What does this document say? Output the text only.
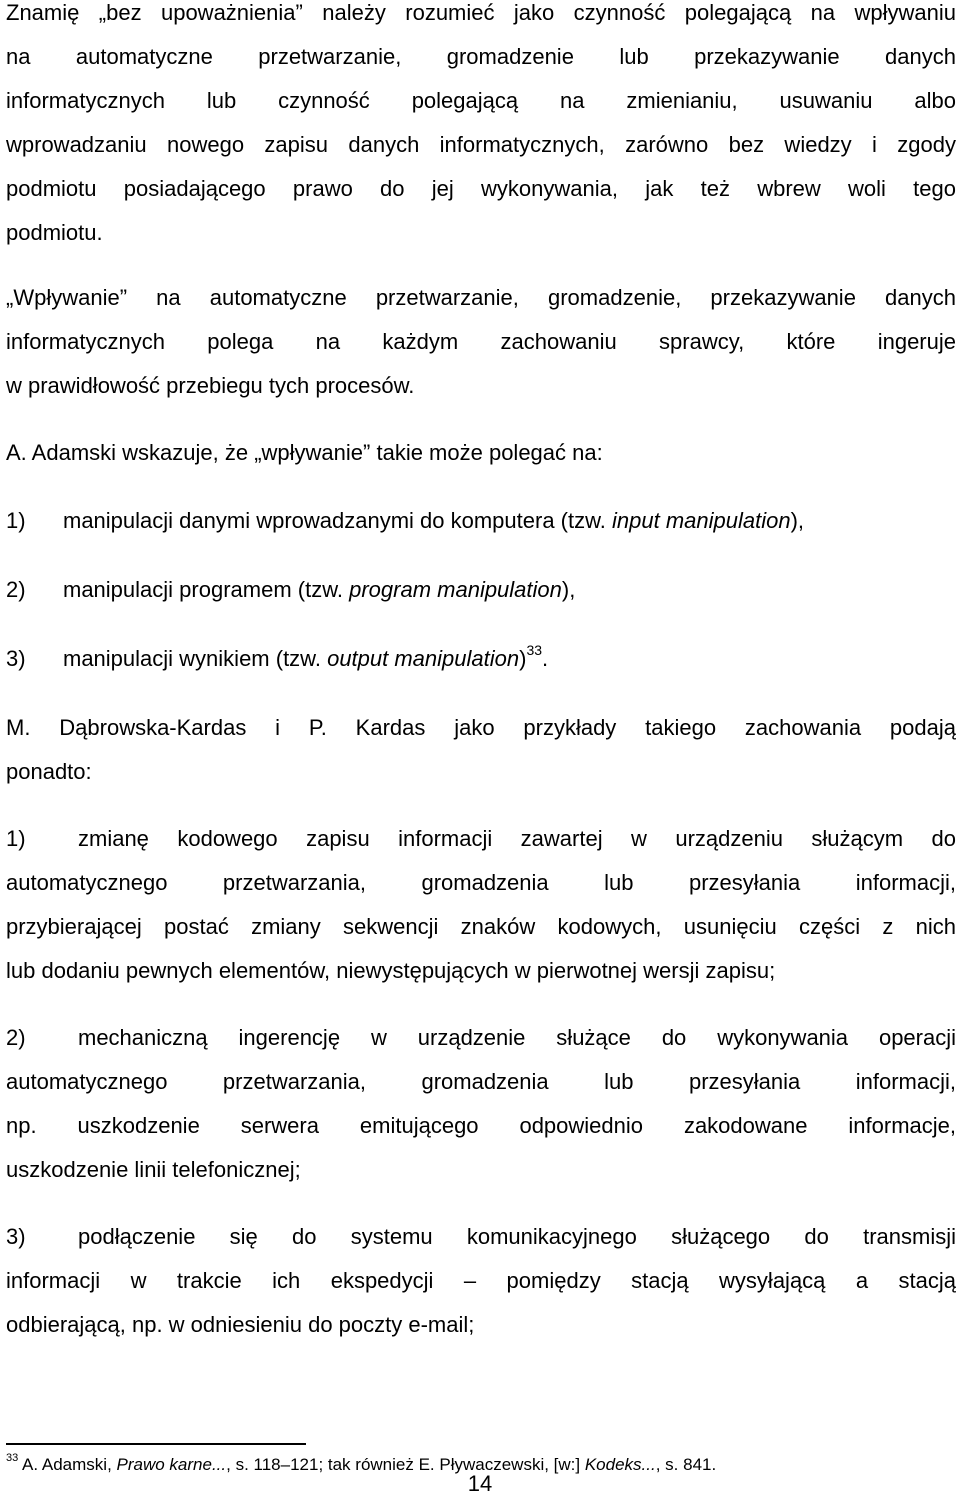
Znamię „bez upoważnienia” należy rozumieć jako czynność polegającą na wpływaniu

na automatyczne przetwarzanie, gromadzenie lub przekazywanie danych

informatycznych lub czynność polegającą na zmienianiu, usuwaniu albo

wprowadzaniu nowego zapisu danych informatycznych, zarówno bez wiedzy i zgody

podmiotu posiadającego prawo do jej wykonywania, jak też wbrew woli tego

podmiotu.

„Wpływanie” na automatyczne przetwarzanie, gromadzenie, przekazywanie danych

informatycznych polega na każdym zachowaniu sprawcy, które ingeruje

w prawidłowość przebiegu tych procesów.

A. Adamski wskazuje, że „wpływanie” takie może polegać na:

1) manipulacji danymi wprowadzanymi do komputera (tzw. input manipulation),

2) manipulacji programem (tzw. program manipulation),

3) manipulacji wynikiem (tzw. output manipulation)$^{33}$.

M. Dąbrowska-Kardas i P. Kardas jako przykłady takiego zachowania podają

ponadto:

1) zmianę kodowego zapisu informacji zawartej w urządzeniu służącym do

automatycznego przetwarzania, gromadzenia lub przesyłania informacji,

przybierającej postać zmiany sekwencji znaków kodowych, usunięciu części z nich

lub dodaniu pewnych elementów, niewystępujących w pierwotnej wersji zapisu;

2) mechaniczną ingerencję w urządzenie służące do wykonywania operacji

automatycznego przetwarzania, gromadzenia lub przesyłania informacji,

np. uszkodzenie serwera emitującego odpowiednio zakodowane informacje,

uszkodzenie linii telefonicznej;

3) podłączenie się do systemu komunikacyjnego służącego do transmisji

informacji w trakcie ich ekspedycji – pomiędzy stacją wysyłającą a stacją

odbierającą, np. w odniesieniu do poczty e-mail;

$^{33}$ A. Adamski, Prawo karne..., s. 118–121; tak również E. Pływaczewski, [w:] Kodeks..., s. 841.
14
